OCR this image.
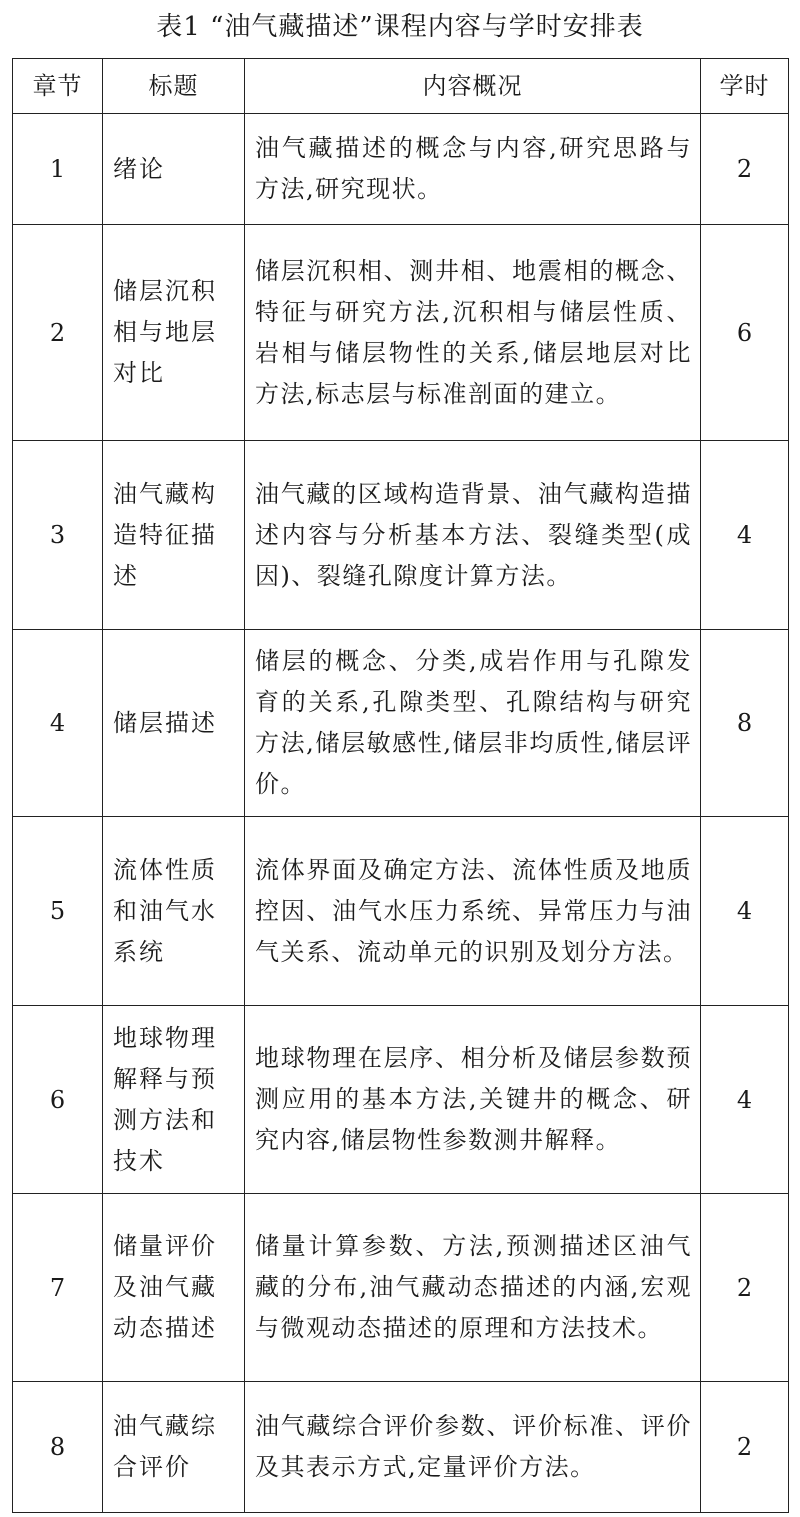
表1 “油气藏描述”课程内容与学时安排表
章节	标题	内容概况	学时
1	绪论	油气藏描述的概念与内容,研究思路与方法,研究现状。	2
2	储层沉积相与地层对比	储层沉积相、测井相、地震相的概念、特征与研究方法,沉积相与储层性质、岩相与储层物性的关系,储层地层对比方法,标志层与标准剖面的建立。	6
3	油气藏构造特征描述	油气藏的区域构造背景、油气藏构造描述内容与分析基本方法、裂缝类型(成因)、裂缝孔隙度计算方法。	4
4	储层描述	储层的概念、分类,成岩作用与孔隙发育的关系,孔隙类型、孔隙结构与研究方法,储层敏感性,储层非均质性,储层评价。	8
5	流体性质和油气水系统	流体界面及确定方法、流体性质及地质控因、油气水压力系统、异常压力与油气关系、流动单元的识别及划分方法。	4
6	地球物理解释与预测方法和技术	地球物理在层序、相分析及储层参数预测应用的基本方法,关键井的概念、研究内容,储层物性参数测井解释。	4
7	储量评价及油气藏动态描述	储量计算参数、方法,预测描述区油气藏的分布,油气藏动态描述的内涵,宏观与微观动态描述的原理和方法技术。	2
8	油气藏综合评价	油气藏综合评价参数、评价标准、评价及其表示方式,定量评价方法。	2
